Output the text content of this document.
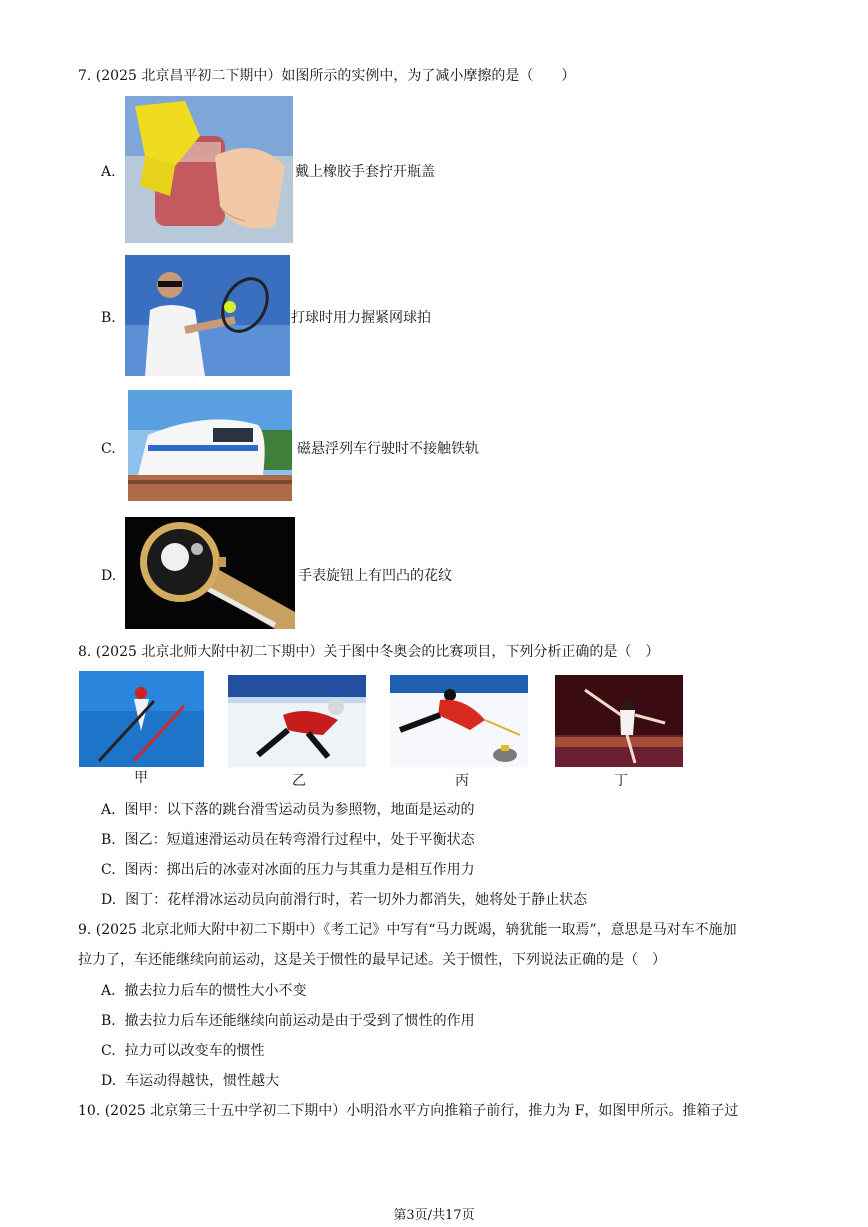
7. (2025 北京昌平初二下期中）如图所示的实例中，为了减小摩擦的是（　　）
A.	戴上橡胶手套拧开瓶盖
B.	打球时用力握紧网球拍
C.	磁悬浮列车行驶时不接触铁轨
D.	手表旋钮上有凹凸的花纹
8. (2025 北京北师大附中初二下期中）关于图中冬奥会的比赛项目，下列分析正确的是（　）
甲	乙	丙	丁
A. 图甲：以下落的跳台滑雪运动员为参照物，地面是运动的
B. 图乙：短道速滑运动员在转弯滑行过程中，处于平衡状态
C. 图丙：掷出后的冰壶对冰面的压力与其重力是相互作用力
D. 图丁：花样滑冰运动员向前滑行时，若一切外力都消失，她将处于静止状态
9. (2025 北京北师大附中初二下期中）《考工记》中写有“马力既竭，辀犹能一取焉”，意思是马对车不施加
拉力了，车还能继续向前运动，这是关于惯性的最早记述。关于惯性，下列说法正确的是（　）
A. 撤去拉力后车的惯性大小不变
B. 撤去拉力后车还能继续向前运动是由于受到了惯性的作用
C. 拉力可以改变车的惯性
D. 车运动得越快，惯性越大
10. (2025 北京第三十五中学初二下期中）小明沿水平方向推箱子前行，推力为 F，如图甲所示。推箱子过
第3页/共17页
